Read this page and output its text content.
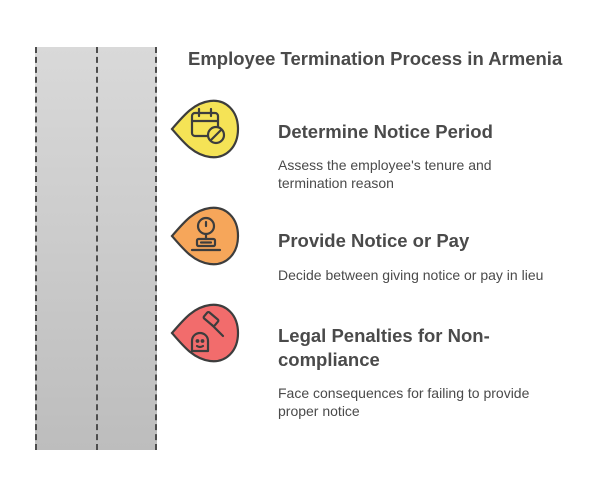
Employee Termination Process in Armenia
Determine Notice Period
Assess the employee's tenure and
termination reason
Provide Notice or Pay
Decide between giving notice or pay in lieu
Legal Penalties for Non-
compliance
Face consequences for failing to provide
proper notice
